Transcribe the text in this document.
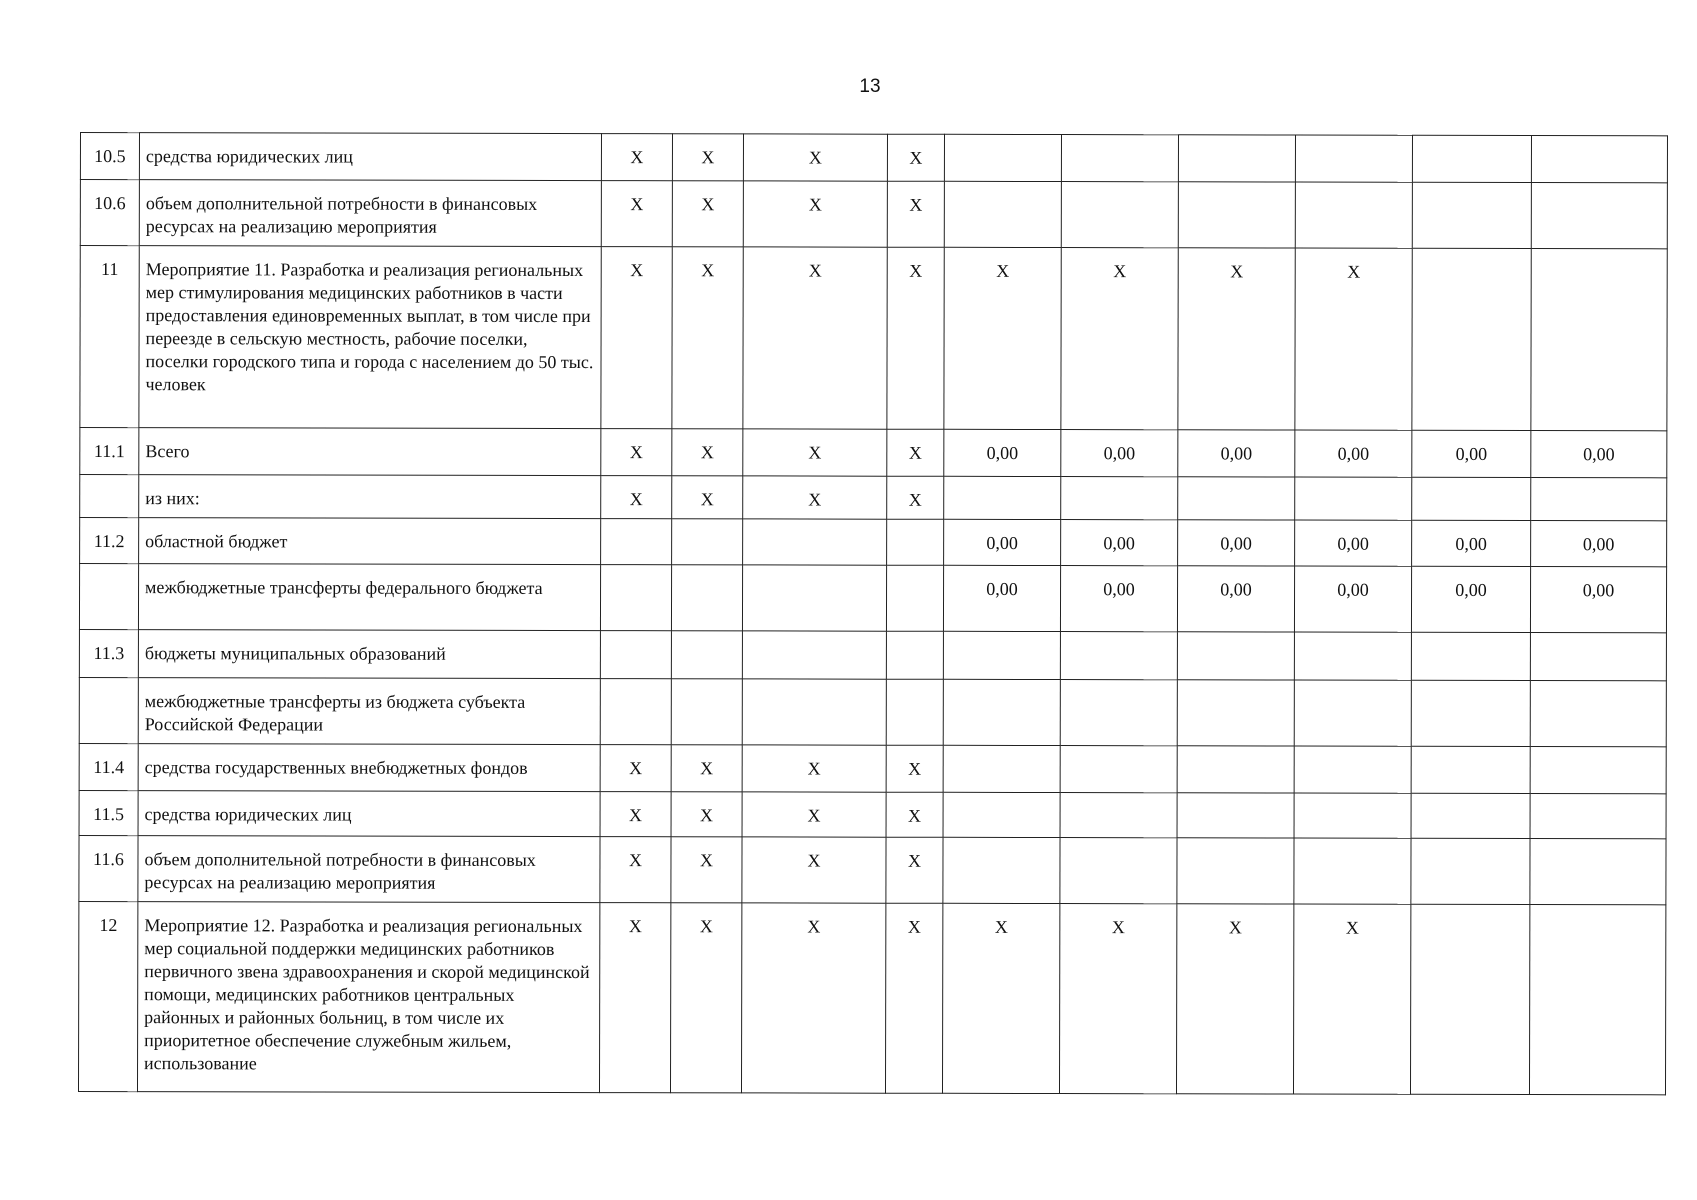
13
10.5	средства юридических лиц	X	X	X	X						
10.6	объем дополнительной потребности в финансовых ресурсах на реализацию мероприятия	X	X	X	X						
11	Мероприятие 11. Разработка и реализация региональных мер стимулирования медицинских работников в части предоставления единовременных выплат, в том числе при переезде в сельскую местность, рабочие поселки, поселки городского типа и города с населением до 50 тыс. человек	X	X	X	X	X	X	X	X		
11.1	Всего	X	X	X	X	0,00	0,00	0,00	0,00	0,00	0,00
	из них:	X	X	X	X						
11.2	областной бюджет					0,00	0,00	0,00	0,00	0,00	0,00
	межбюджетные трансферты федерального бюджета					0,00	0,00	0,00	0,00	0,00	0,00
11.3	бюджеты муниципальных образований										
	межбюджетные трансферты из бюджета субъекта Российской Федерации										
11.4	средства государственных внебюджетных фондов	X	X	X	X						
11.5	средства юридических лиц	X	X	X	X						
11.6	объем дополнительной потребности в финансовых ресурсах на реализацию мероприятия	X	X	X	X						
12	Мероприятие 12. Разработка и реализация региональных мер социальной поддержки медицинских работников первичного звена здравоохранения и скорой медицинской помощи, медицинских работников центральных районных и районных больниц, в том числе их приоритетное обеспечение служебным жильем, использование	X	X	X	X	X	X	X	X		
